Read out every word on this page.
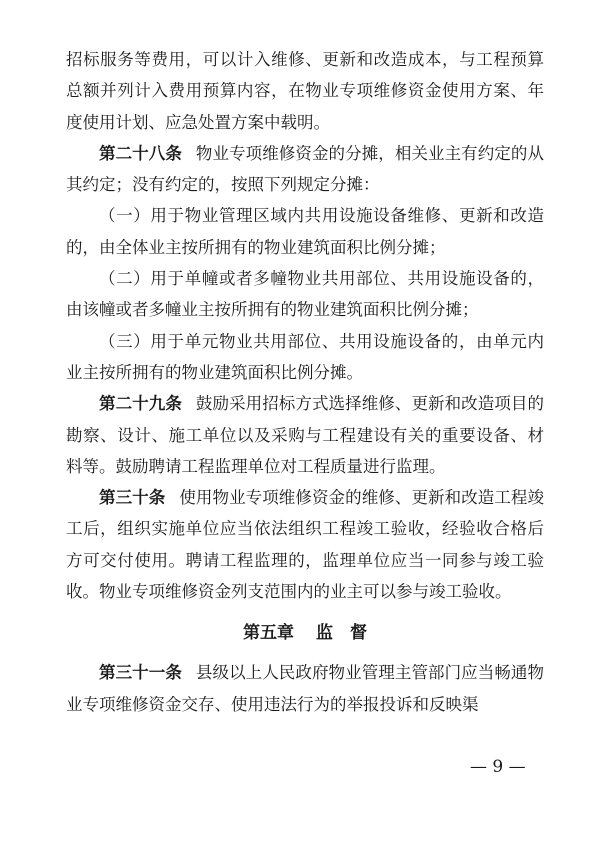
招标服务等费用，可以计入维修、更新和改造成本，与工程预算总额并列计入费用预算内容，在物业专项维修资金使用方案、年度使用计划、应急处置方案中载明。

第二十八条 物业专项维修资金的分摊，相关业主有约定的从其约定；没有约定的，按照下列规定分摊：

（一）用于物业管理区域内共用设施设备维修、更新和改造的，由全体业主按所拥有的物业建筑面积比例分摊；

（二）用于单幢或者多幢物业共用部位、共用设施设备的，由该幢或者多幢业主按所拥有的物业建筑面积比例分摊；

（三）用于单元物业共用部位、共用设施设备的，由单元内业主按所拥有的物业建筑面积比例分摊。

第二十九条 鼓励采用招标方式选择维修、更新和改造项目的勘察、设计、施工单位以及采购与工程建设有关的重要设备、材料等。鼓励聘请工程监理单位对工程质量进行监理。

第三十条 使用物业专项维修资金的维修、更新和改造工程竣工后，组织实施单位应当依法组织工程竣工验收，经验收合格后方可交付使用。聘请工程监理的，监理单位应当一同参与竣工验收。物业专项维修资金列支范围内的业主可以参与竣工验收。

第五章 监　督

第三十一条 县级以上人民政府物业管理主管部门应当畅通物业专项维修资金交存、使用违法行为的举报投诉和反映渠

— 9 —
